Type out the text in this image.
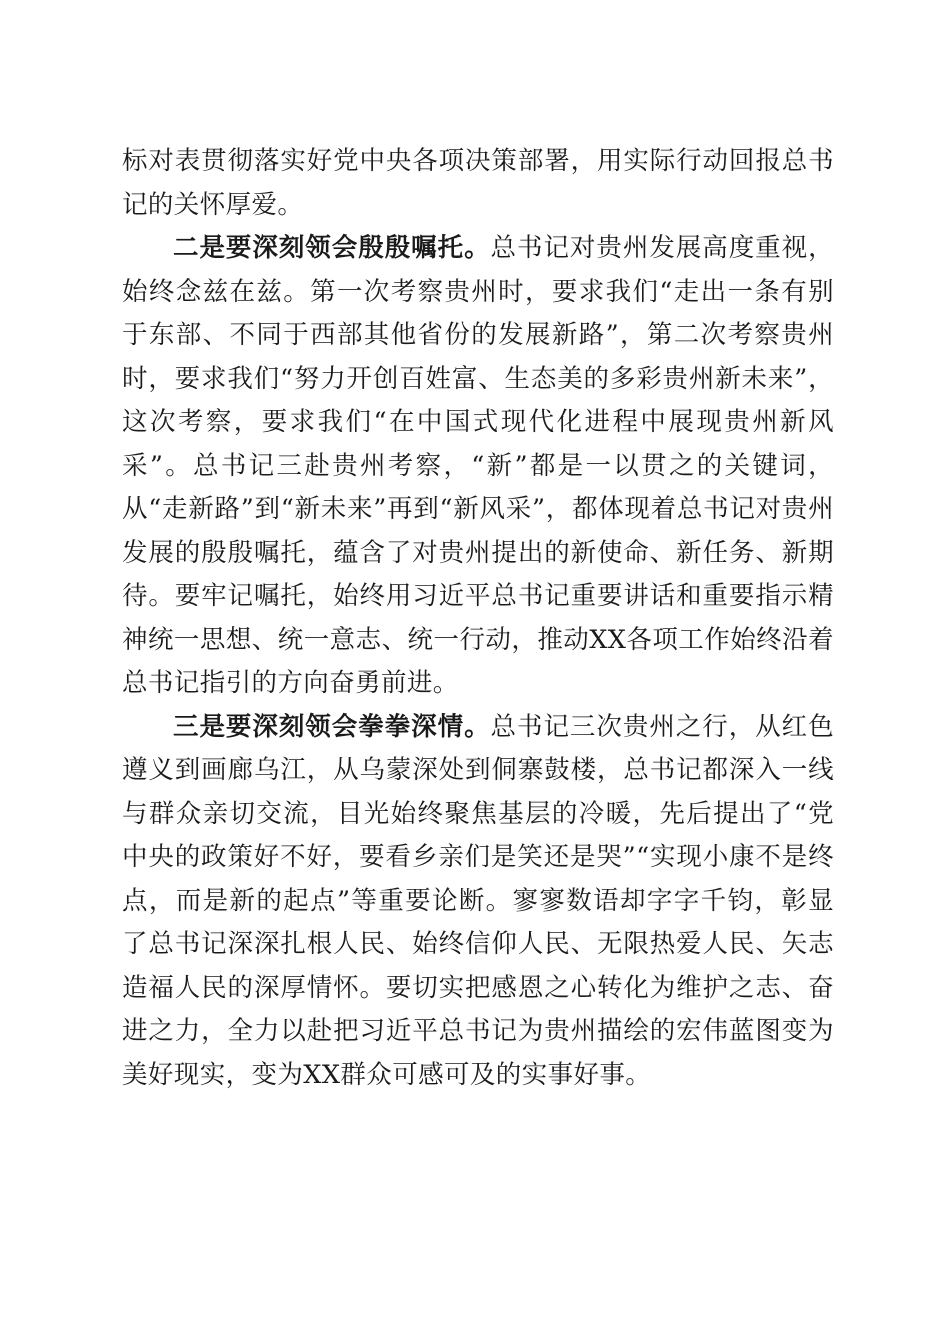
标对表贯彻落实好党中央各项决策部署，用实际行动回报总书记的关怀厚爱。

二是要深刻领会殷殷嘱托。总书记对贵州发展高度重视，始终念兹在兹。第一次考察贵州时，要求我们“走出一条有别于东部、不同于西部其他省份的发展新路”，第二次考察贵州时，要求我们“努力开创百姓富、生态美的多彩贵州新未来”，这次考察，要求我们“在中国式现代化进程中展现贵州新风采”。总书记三赴贵州考察，“新”都是一以贯之的关键词，从“走新路”到“新未来”再到“新风采”，都体现着总书记对贵州发展的殷殷嘱托，蕴含了对贵州提出的新使命、新任务、新期待。要牢记嘱托，始终用习近平总书记重要讲话和重要指示精神统一思想、统一意志、统一行动，推动XX各项工作始终沿着总书记指引的方向奋勇前进。

三是要深刻领会拳拳深情。总书记三次贵州之行，从红色遵义到画廊乌江，从乌蒙深处到侗寨鼓楼，总书记都深入一线与群众亲切交流，目光始终聚焦基层的冷暖，先后提出了“党中央的政策好不好，要看乡亲们是笑还是哭”“实现小康不是终点，而是新的起点”等重要论断。寥寥数语却字字千钧，彰显了总书记深深扎根人民、始终信仰人民、无限热爱人民、矢志造福人民的深厚情怀。要切实把感恩之心转化为维护之志、奋进之力，全力以赴把习近平总书记为贵州描绘的宏伟蓝图变为美好现实，变为XX群众可感可及的实事好事。
